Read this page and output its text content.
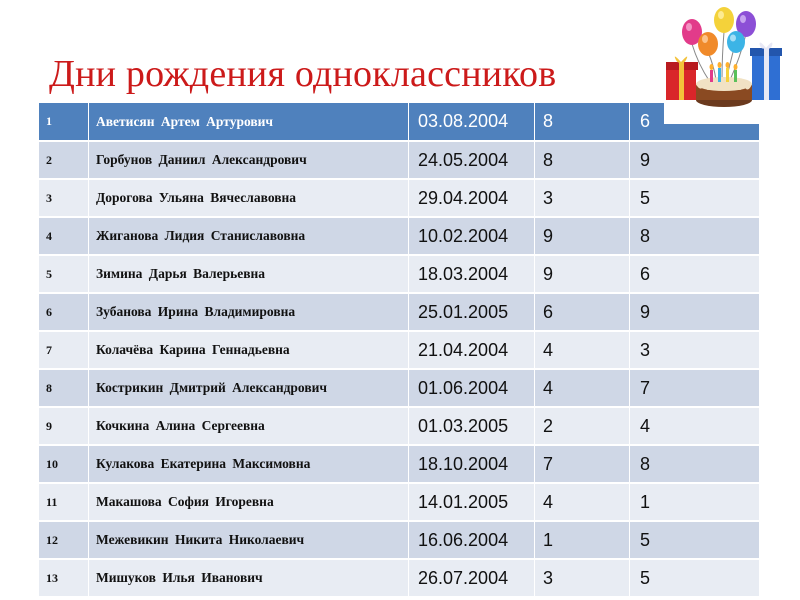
Дни рождения одноклассников
1	Аветисян Артем Артурович	03.08.2004	8	6
2	Горбунов Даниил Александрович	24.05.2004	8	9
3	Дорогова Ульяна Вячеславовна	29.04.2004	3	5
4	Жиганова Лидия Станиславовна	10.02.2004	9	8
5	Зимина Дарья Валерьевна	18.03.2004	9	6
6	Зубанова Ирина Владимировна	25.01.2005	6	9
7	Колачёва Карина Геннадьевна	21.04.2004	4	3
8	Кострикин Дмитрий Александрович	01.06.2004	4	7
9	Кочкина Алина Сергеевна	01.03.2005	2	4
10	Кулакова Екатерина Максимовна	18.10.2004	7	8
11	Макашова София Игоревна	14.01.2005	4	1
12	Межевикин Никита Николаевич	16.06.2004	1	5
13	Мишуков Илья Иванович	26.07.2004	3	5
